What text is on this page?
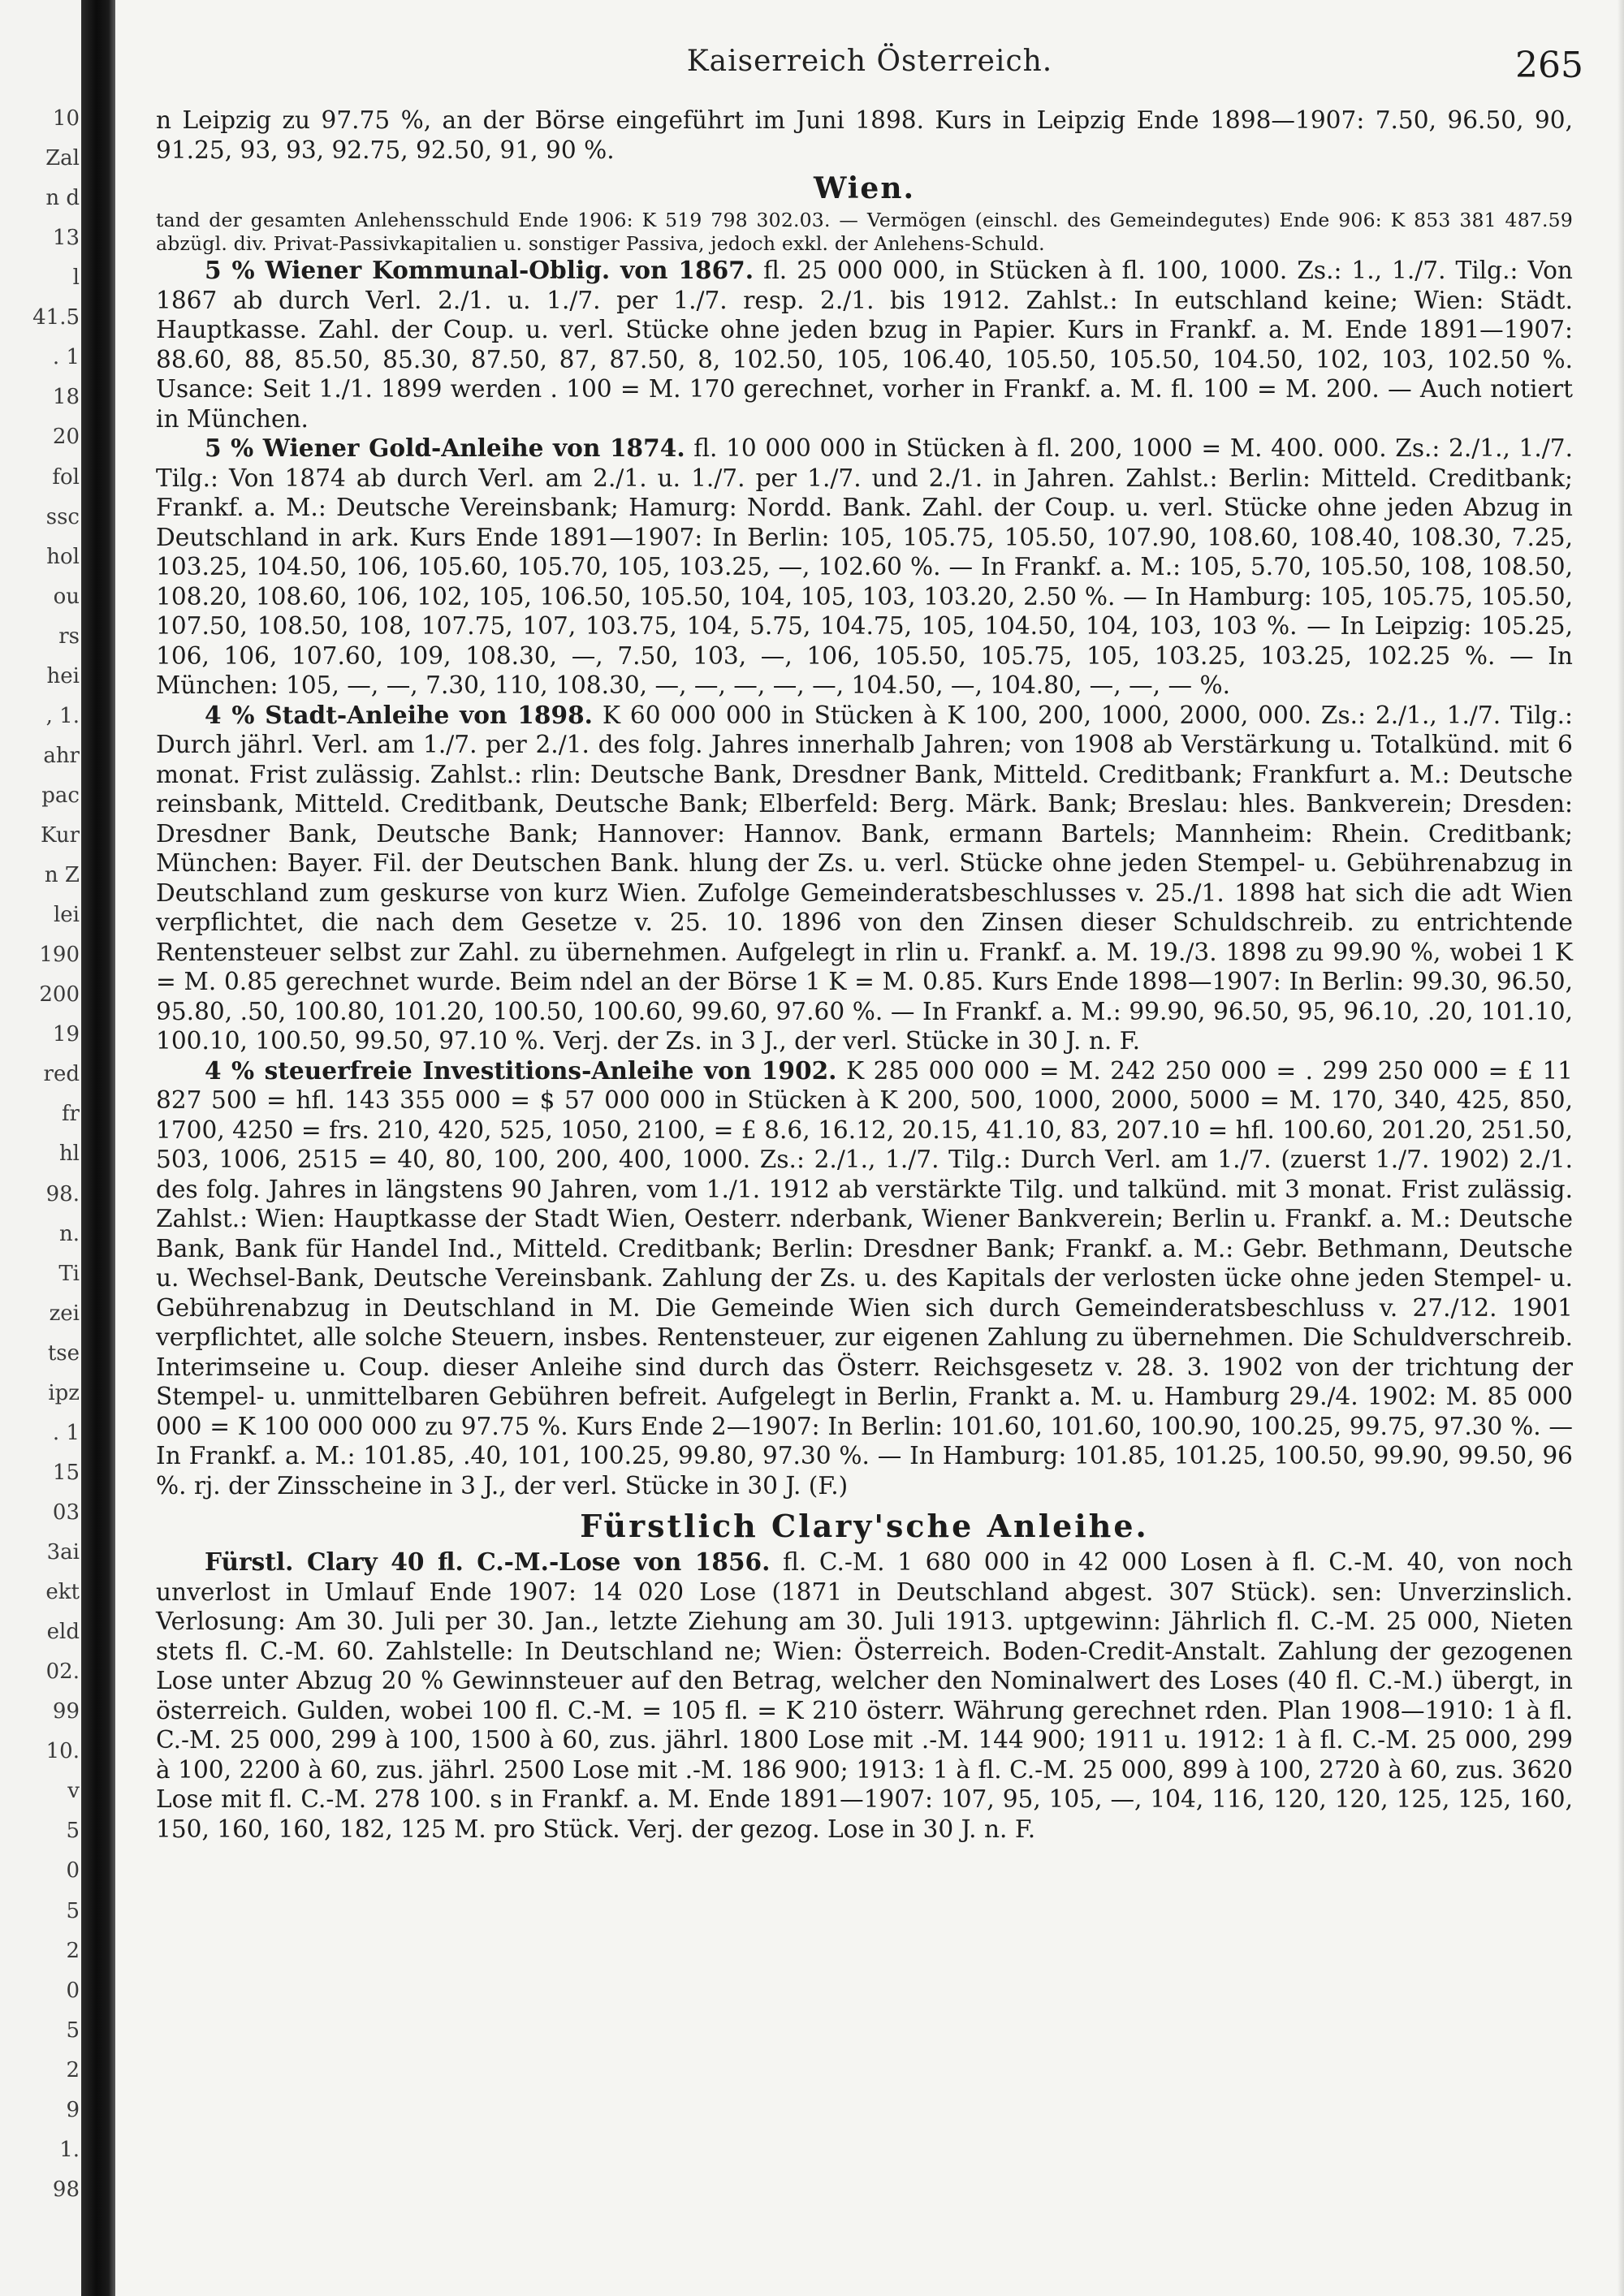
10
Zal
n d
13
l
41.5
. 1
18
20
fol
ssc
hol
ou
rs
hei
, 1.
ahr
pac
Kur
n Z
lei
190
200
19
red
fr
hl
98.
n.
Ti
zei
tse
ipz
. 1
15
03
3ai
ekt
eld
02.
99
10.
v
5
0
5
2
0
5
2
9
1.
98
Kaiserreich Österreich.	265

n Leipzig zu 97.75 %, an der Börse eingeführt im Juni 1898. Kurs in Leipzig Ende 1898—1907: 7.50, 96.50, 90, 91.25, 93, 93, 92.75, 92.50, 91, 90 %.

Wien.

tand der gesamten Anlehensschuld Ende 1906: K 519 798 302.03. — Vermögen (einschl. des Gemeindegutes) Ende 906: K 853 381 487.59 abzügl. div. Privat-Passivkapitalien u. sonstiger Passiva, jedoch exkl. der Anlehens-Schuld.

5 % Wiener Kommunal-Oblig. von 1867. fl. 25 000 000, in Stücken à fl. 100, 1000. Zs.: 1., 1./7. Tilg.: Von 1867 ab durch Verl. 2./1. u. 1./7. per 1./7. resp. 2./1. bis 1912. Zahlst.: In eutschland keine; Wien: Städt. Hauptkasse. Zahl. der Coup. u. verl. Stücke ohne jeden bzug in Papier. Kurs in Frankf. a. M. Ende 1891—1907: 88.60, 88, 85.50, 85.30, 87.50, 87, 87.50, 8, 102.50, 105, 106.40, 105.50, 105.50, 104.50, 102, 103, 102.50 %. Usance: Seit 1./1. 1899 werden . 100 = M. 170 gerechnet, vorher in Frankf. a. M. fl. 100 = M. 200. — Auch notiert in München.

5 % Wiener Gold-Anleihe von 1874. fl. 10 000 000 in Stücken à fl. 200, 1000 = M. 400. 000. Zs.: 2./1., 1./7. Tilg.: Von 1874 ab durch Verl. am 2./1. u. 1./7. per 1./7. und 2./1. in Jahren. Zahlst.: Berlin: Mitteld. Creditbank; Frankf. a. M.: Deutsche Vereinsbank; Hamurg: Nordd. Bank. Zahl. der Coup. u. verl. Stücke ohne jeden Abzug in Deutschland in ark. Kurs Ende 1891—1907: In Berlin: 105, 105.75, 105.50, 107.90, 108.60, 108.40, 108.30, 7.25, 103.25, 104.50, 106, 105.60, 105.70, 105, 103.25, —, 102.60 %. — In Frankf. a. M.: 105, 5.70, 105.50, 108, 108.50, 108.20, 108.60, 106, 102, 105, 106.50, 105.50, 104, 105, 103, 103.20, 2.50 %. — In Hamburg: 105, 105.75, 105.50, 107.50, 108.50, 108, 107.75, 107, 103.75, 104, 5.75, 104.75, 105, 104.50, 104, 103, 103 %. — In Leipzig: 105.25, 106, 106, 107.60, 109, 108.30, —, 7.50, 103, —, 106, 105.50, 105.75, 105, 103.25, 103.25, 102.25 %. — In München: 105, —, —, 7.30, 110, 108.30, —, —, —, —, —, 104.50, —, 104.80, —, —, — %.

4 % Stadt-Anleihe von 1898. K 60 000 000 in Stücken à K 100, 200, 1000, 2000, 000. Zs.: 2./1., 1./7. Tilg.: Durch jährl. Verl. am 1./7. per 2./1. des folg. Jahres innerhalb Jahren; von 1908 ab Verstärkung u. Totalkünd. mit 6 monat. Frist zulässig. Zahlst.: rlin: Deutsche Bank, Dresdner Bank, Mitteld. Creditbank; Frankfurt a. M.: Deutsche reinsbank, Mitteld. Creditbank, Deutsche Bank; Elberfeld: Berg. Märk. Bank; Breslau: hles. Bankverein; Dresden: Dresdner Bank, Deutsche Bank; Hannover: Hannov. Bank, ermann Bartels; Mannheim: Rhein. Creditbank; München: Bayer. Fil. der Deutschen Bank. hlung der Zs. u. verl. Stücke ohne jeden Stempel- u. Gebührenabzug in Deutschland zum geskurse von kurz Wien. Zufolge Gemeinderatsbeschlusses v. 25./1. 1898 hat sich die adt Wien verpflichtet, die nach dem Gesetze v. 25. 10. 1896 von den Zinsen dieser Schuldschreib. zu entrichtende Rentensteuer selbst zur Zahl. zu übernehmen. Aufgelegt in rlin u. Frankf. a. M. 19./3. 1898 zu 99.90 %, wobei 1 K = M. 0.85 gerechnet wurde. Beim ndel an der Börse 1 K = M. 0.85. Kurs Ende 1898—1907: In Berlin: 99.30, 96.50, 95.80, .50, 100.80, 101.20, 100.50, 100.60, 99.60, 97.60 %. — In Frankf. a. M.: 99.90, 96.50, 95, 96.10, .20, 101.10, 100.10, 100.50, 99.50, 97.10 %. Verj. der Zs. in 3 J., der verl. Stücke in 30 J. n. F.

4 % steuerfreie Investitions-Anleihe von 1902. K 285 000 000 = M. 242 250 000 = . 299 250 000 = £ 11 827 500 = hfl. 143 355 000 = $ 57 000 000 in Stücken à K 200, 500, 1000, 2000, 5000 = M. 170, 340, 425, 850, 1700, 4250 = frs. 210, 420, 525, 1050, 2100, = £ 8.6, 16.12, 20.15, 41.10, 83, 207.10 = hfl. 100.60, 201.20, 251.50, 503, 1006, 2515 = 40, 80, 100, 200, 400, 1000. Zs.: 2./1., 1./7. Tilg.: Durch Verl. am 1./7. (zuerst 1./7. 1902) 2./1. des folg. Jahres in längstens 90 Jahren, vom 1./1. 1912 ab verstärkte Tilg. und talkünd. mit 3 monat. Frist zulässig. Zahlst.: Wien: Hauptkasse der Stadt Wien, Oesterr. nderbank, Wiener Bankverein; Berlin u. Frankf. a. M.: Deutsche Bank, Bank für Handel Ind., Mitteld. Creditbank; Berlin: Dresdner Bank; Frankf. a. M.: Gebr. Bethmann, Deutsche u. Wechsel-Bank, Deutsche Vereinsbank. Zahlung der Zs. u. des Kapitals der verlosten ücke ohne jeden Stempel- u. Gebührenabzug in Deutschland in M. Die Gemeinde Wien sich durch Gemeinderatsbeschluss v. 27./12. 1901 verpflichtet, alle solche Steuern, insbes. Rentensteuer, zur eigenen Zahlung zu übernehmen. Die Schuldverschreib. Interimseine u. Coup. dieser Anleihe sind durch das Österr. Reichsgesetz v. 28. 3. 1902 von der trichtung der Stempel- u. unmittelbaren Gebühren befreit. Aufgelegt in Berlin, Frankt a. M. u. Hamburg 29./4. 1902: M. 85 000 000 = K 100 000 000 zu 97.75 %. Kurs Ende 2—1907: In Berlin: 101.60, 101.60, 100.90, 100.25, 99.75, 97.30 %. — In Frankf. a. M.: 101.85, .40, 101, 100.25, 99.80, 97.30 %. — In Hamburg: 101.85, 101.25, 100.50, 99.90, 99.50, 96 %. rj. der Zinsscheine in 3 J., der verl. Stücke in 30 J. (F.)

Fürstlich Clary'sche Anleihe.

Fürstl. Clary 40 fl. C.-M.-Lose von 1856. fl. C.-M. 1 680 000 in 42 000 Losen à fl. C.-M. 40, von noch unverlost in Umlauf Ende 1907: 14 020 Lose (1871 in Deutschland abgest. 307 Stück). sen: Unverzinslich. Verlosung: Am 30. Juli per 30. Jan., letzte Ziehung am 30. Juli 1913. uptgewinn: Jährlich fl. C.-M. 25 000, Nieten stets fl. C.-M. 60. Zahlstelle: In Deutschland ne; Wien: Österreich. Boden-Credit-Anstalt. Zahlung der gezogenen Lose unter Abzug 20 % Gewinnsteuer auf den Betrag, welcher den Nominalwert des Loses (40 fl. C.-M.) übergt, in österreich. Gulden, wobei 100 fl. C.-M. = 105 fl. = K 210 österr. Währung gerechnet rden. Plan 1908—1910: 1 à fl. C.-M. 25 000, 299 à 100, 1500 à 60, zus. jährl. 1800 Lose mit .-M. 144 900; 1911 u. 1912: 1 à fl. C.-M. 25 000, 299 à 100, 2200 à 60, zus. jährl. 2500 Lose mit .-M. 186 900; 1913: 1 à fl. C.-M. 25 000, 899 à 100, 2720 à 60, zus. 3620 Lose mit fl. C.-M. 278 100. s in Frankf. a. M. Ende 1891—1907: 107, 95, 105, —, 104, 116, 120, 120, 125, 125, 160, 150, 160, 160, 182, 125 M. pro Stück. Verj. der gezog. Lose in 30 J. n. F.
